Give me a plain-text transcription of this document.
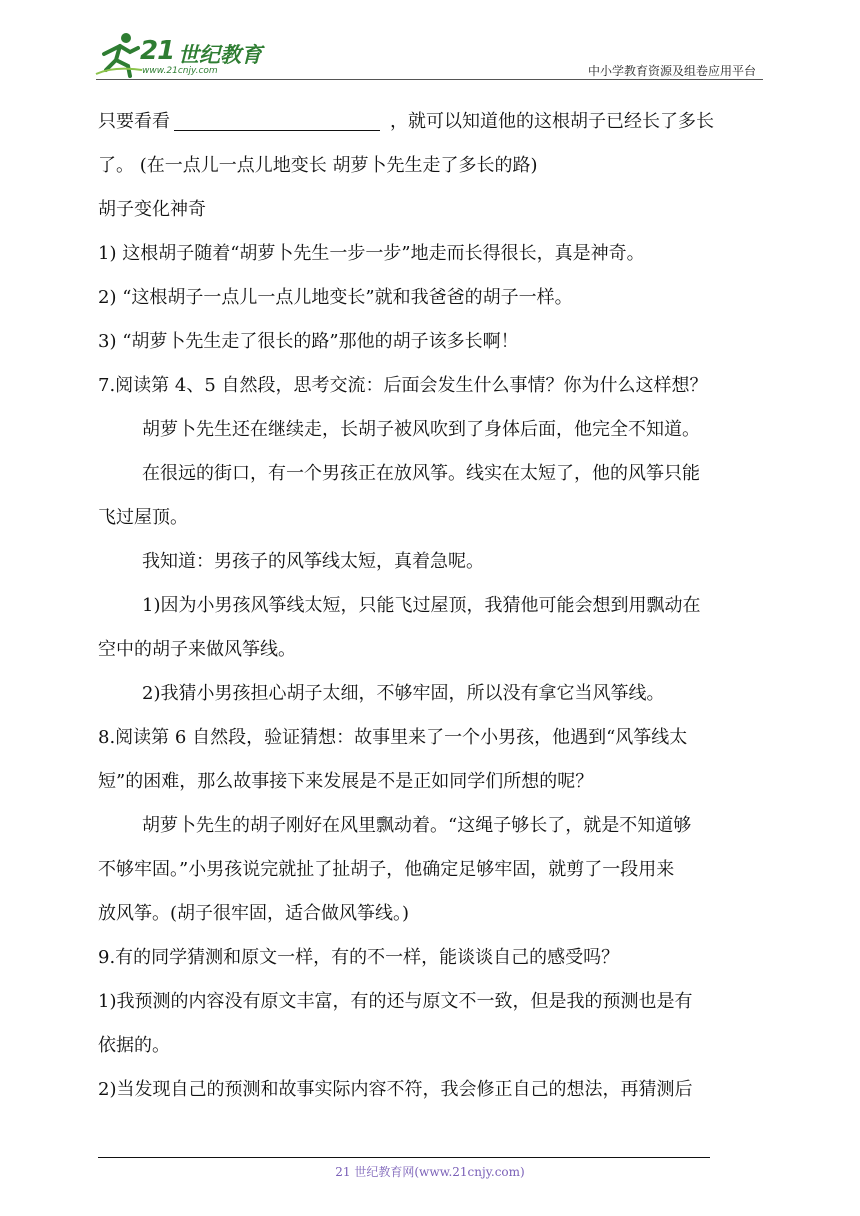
21 世纪教育
www.21cnjy.com	中小学教育资源及组卷应用平台
只要看看	，就可以知道他的这根胡子已经长了多长
了。 (在一点儿一点儿地变长 胡萝卜先生走了多长的路)
胡子变化神奇
1) 这根胡子随着“胡萝卜先生一步一步”地走而长得很长，真是神奇。
2) “这根胡子一点儿一点儿地变长”就和我爸爸的胡子一样。
3) “胡萝卜先生走了很长的路”那他的胡子该多长啊！
7.阅读第 4、5 自然段，思考交流：后面会发生什么事情？你为什么这样想？
胡萝卜先生还在继续走，长胡子被风吹到了身体后面，他完全不知道。
在很远的街口，有一个男孩正在放风筝。线实在太短了，他的风筝只能
飞过屋顶。
我知道：男孩子的风筝线太短，真着急呢。
1)因为小男孩风筝线太短，只能飞过屋顶，我猜他可能会想到用飘动在
空中的胡子来做风筝线。
2)我猜小男孩担心胡子太细，不够牢固，所以没有拿它当风筝线。
8.阅读第 6 自然段，验证猜想：故事里来了一个小男孩，他遇到“风筝线太
短”的困难，那么故事接下来发展是不是正如同学们所想的呢？
胡萝卜先生的胡子刚好在风里飘动着。“这绳子够长了，就是不知道够
不够牢固。”小男孩说完就扯了扯胡子，他确定足够牢固，就剪了一段用来
放风筝。(胡子很牢固，适合做风筝线。)
9.有的同学猜测和原文一样，有的不一样，能谈谈自己的感受吗？
1)我预测的内容没有原文丰富，有的还与原文不一致，但是我的预测也是有
依据的。
2)当发现自己的预测和故事实际内容不符，我会修正自己的想法，再猜测后
21 世纪教育网(www.21cnjy.com)
